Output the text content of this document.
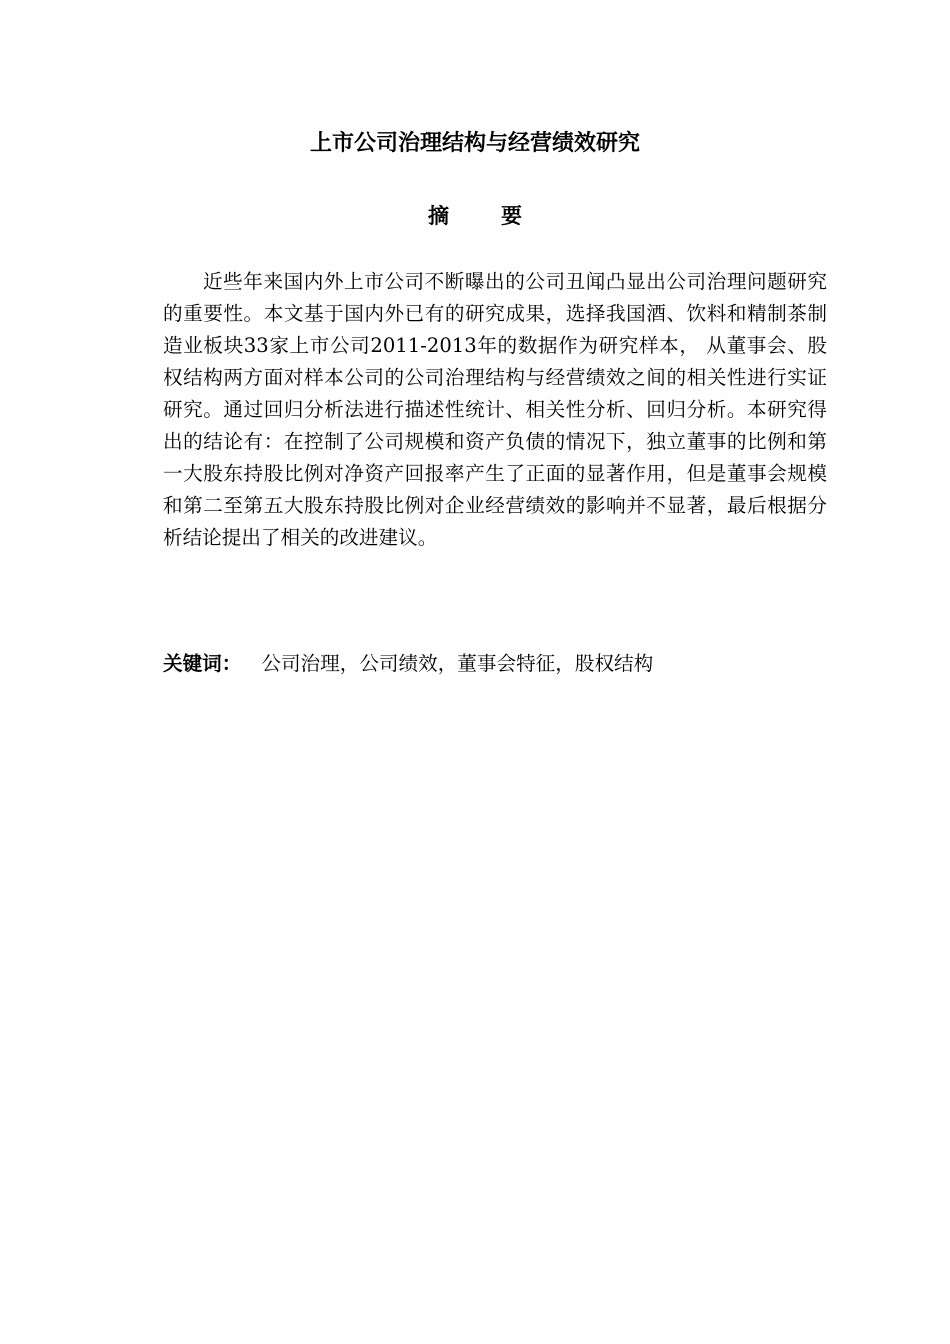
上市公司治理结构与经营绩效研究
摘 要

近些年来国内外上市公司不断曝出的公司丑闻凸显出公司治理问题研究的重要性。本文基于国内外已有的研究成果，选择我国酒、饮料和精制茶制造业板块33家上市公司2011-2013年的数据作为研究样本， 从董事会、股权结构两方面对样本公司的公司治理结构与经营绩效之间的相关性进行实证研究。通过回归分析法进行描述性统计、相关性分析、回归分析。本研究得出的结论有：在控制了公司规模和资产负债的情况下，独立董事的比例和第一大股东持股比例对净资产回报率产生了正面的显著作用，但是董事会规模和第二至第五大股东持股比例对企业经营绩效的影响并不显著，最后根据分析结论提出了相关的改进建议。

关键词： 公司治理，公司绩效，董事会特征，股权结构
